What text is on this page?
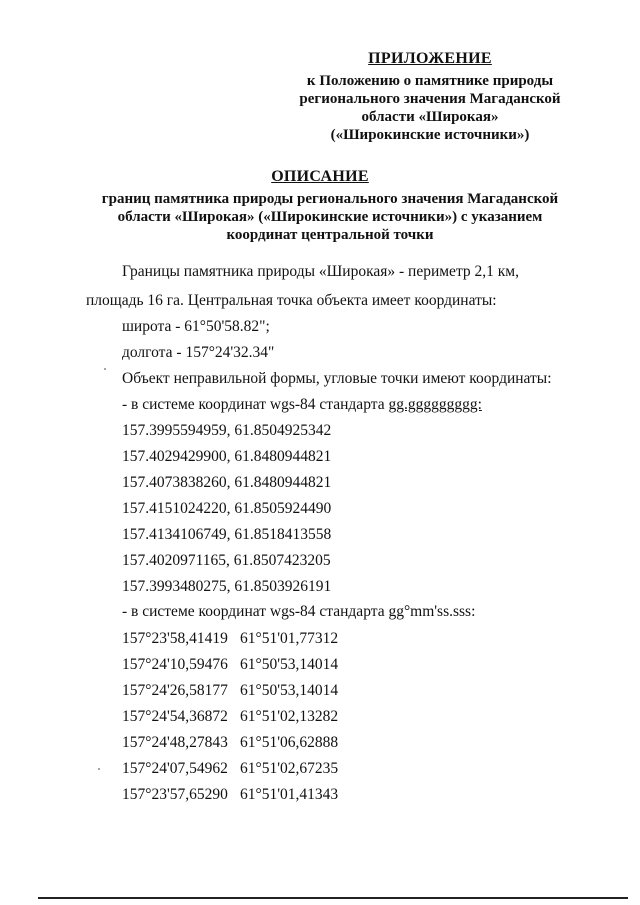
ПРИЛОЖЕНИЕ
к Положению о памятнике природы
регионального значения Магаданской
области «Широкая»
(«Широкинские источники»)
ОПИСАНИЕ
границ памятника природы регионального значения Магаданской
области «Широкая» («Широкинские источники») с указанием
координат центральной точки
Границы памятника природы «Широкая» - периметр 2,1 км,
площадь 16 га. Центральная точка объекта имеет координаты:
широта - 61°50'58.82";
долгота - 157°24'32.34"
Объект неправильной формы, угловые точки имеют координаты:
- в системе координат wgs-84 стандарта gg.ggggggggg:
157.3995594959, 61.8504925342
157.4029429900, 61.8480944821
157.4073838260, 61.8480944821
157.4151024220, 61.8505924490
157.4134106749, 61.8518413558
157.4020971165, 61.8507423205
157.3993480275, 61.8503926191
- в системе координат wgs-84 стандарта gg°mm'ss.sss:
157°23'58,41419 61°51'01,77312
157°24'10,59476 61°50'53,14014
157°24'26,58177 61°50'53,14014
157°24'54,36872 61°51'02,13282
157°24'48,27843 61°51'06,62888
157°24'07,54962 61°51'02,67235
157°23'57,65290 61°51'01,41343
